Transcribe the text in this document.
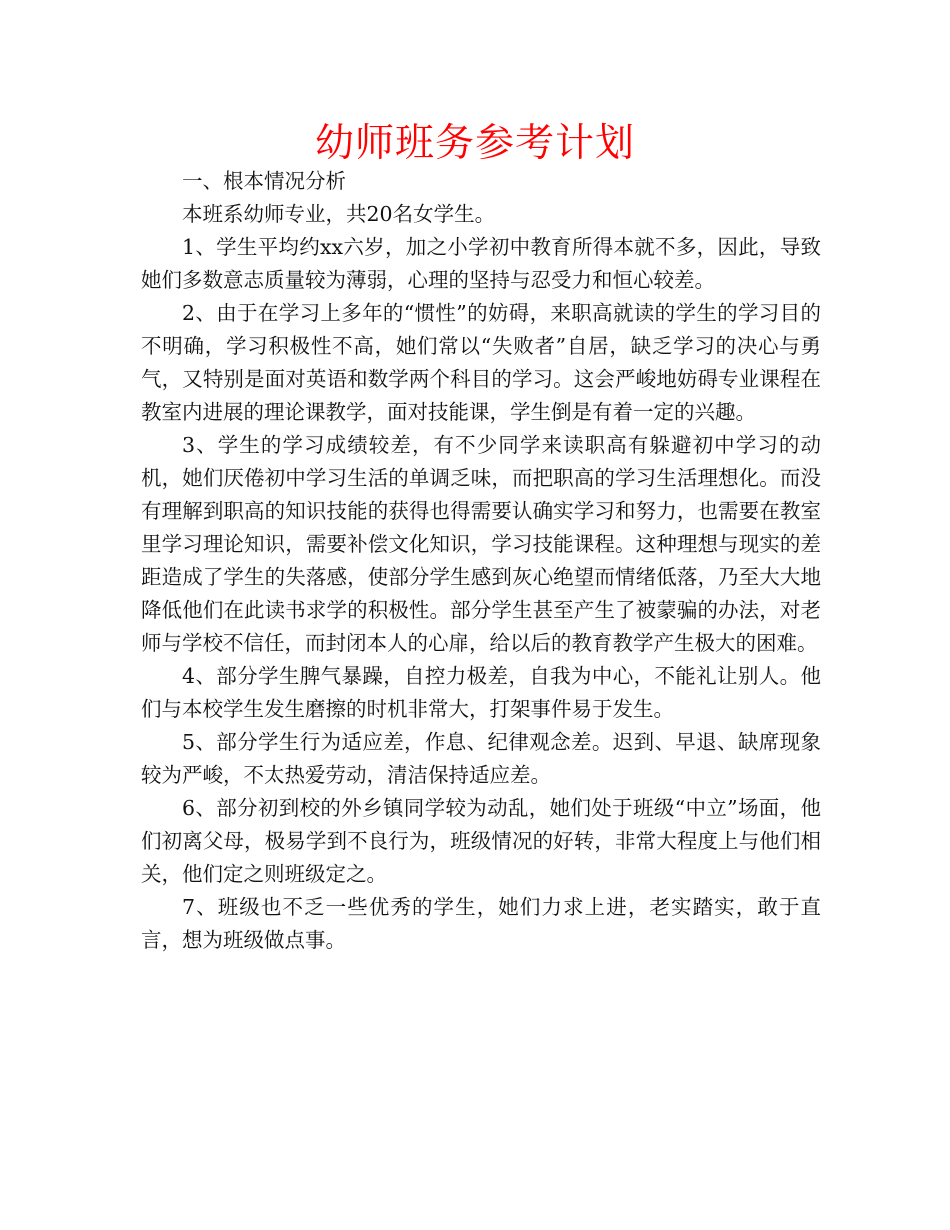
幼师班务参考计划

一、根本情况分析

本班系幼师专业，共20名女学生。

1、学生平均约xx六岁，加之小学初中教育所得本就不多，因此，导致她们多数意志质量较为薄弱，心理的坚持与忍受力和恒心较差。

2、由于在学习上多年的“惯性”的妨碍，来职高就读的学生的学习目的不明确，学习积极性不高，她们常以“失败者”自居，缺乏学习的决心与勇气，又特别是面对英语和数学两个科目的学习。这会严峻地妨碍专业课程在教室内进展的理论课教学，面对技能课，学生倒是有着一定的兴趣。

3、学生的学习成绩较差，有不少同学来读职高有躲避初中学习的动机，她们厌倦初中学习生活的单调乏味，而把职高的学习生活理想化。而没有理解到职高的知识技能的获得也得需要认确实学习和努力，也需要在教室里学习理论知识，需要补偿文化知识，学习技能课程。这种理想与现实的差距造成了学生的失落感，使部分学生感到灰心绝望而情绪低落，乃至大大地降低他们在此读书求学的积极性。部分学生甚至产生了被蒙骗的办法，对老师与学校不信任，而封闭本人的心扉，给以后的教育教学产生极大的困难。

4、部分学生脾气暴躁，自控力极差，自我为中心，不能礼让别人。他们与本校学生发生磨擦的时机非常大，打架事件易于发生。

5、部分学生行为适应差，作息、纪律观念差。迟到、早退、缺席现象较为严峻，不太热爱劳动，清洁保持适应差。

6、部分初到校的外乡镇同学较为动乱，她们处于班级“中立”场面，他们初离父母，极易学到不良行为，班级情况的好转，非常大程度上与他们相关，他们定之则班级定之。

7、班级也不乏一些优秀的学生，她们力求上进，老实踏实，敢于直言，想为班级做点事。
